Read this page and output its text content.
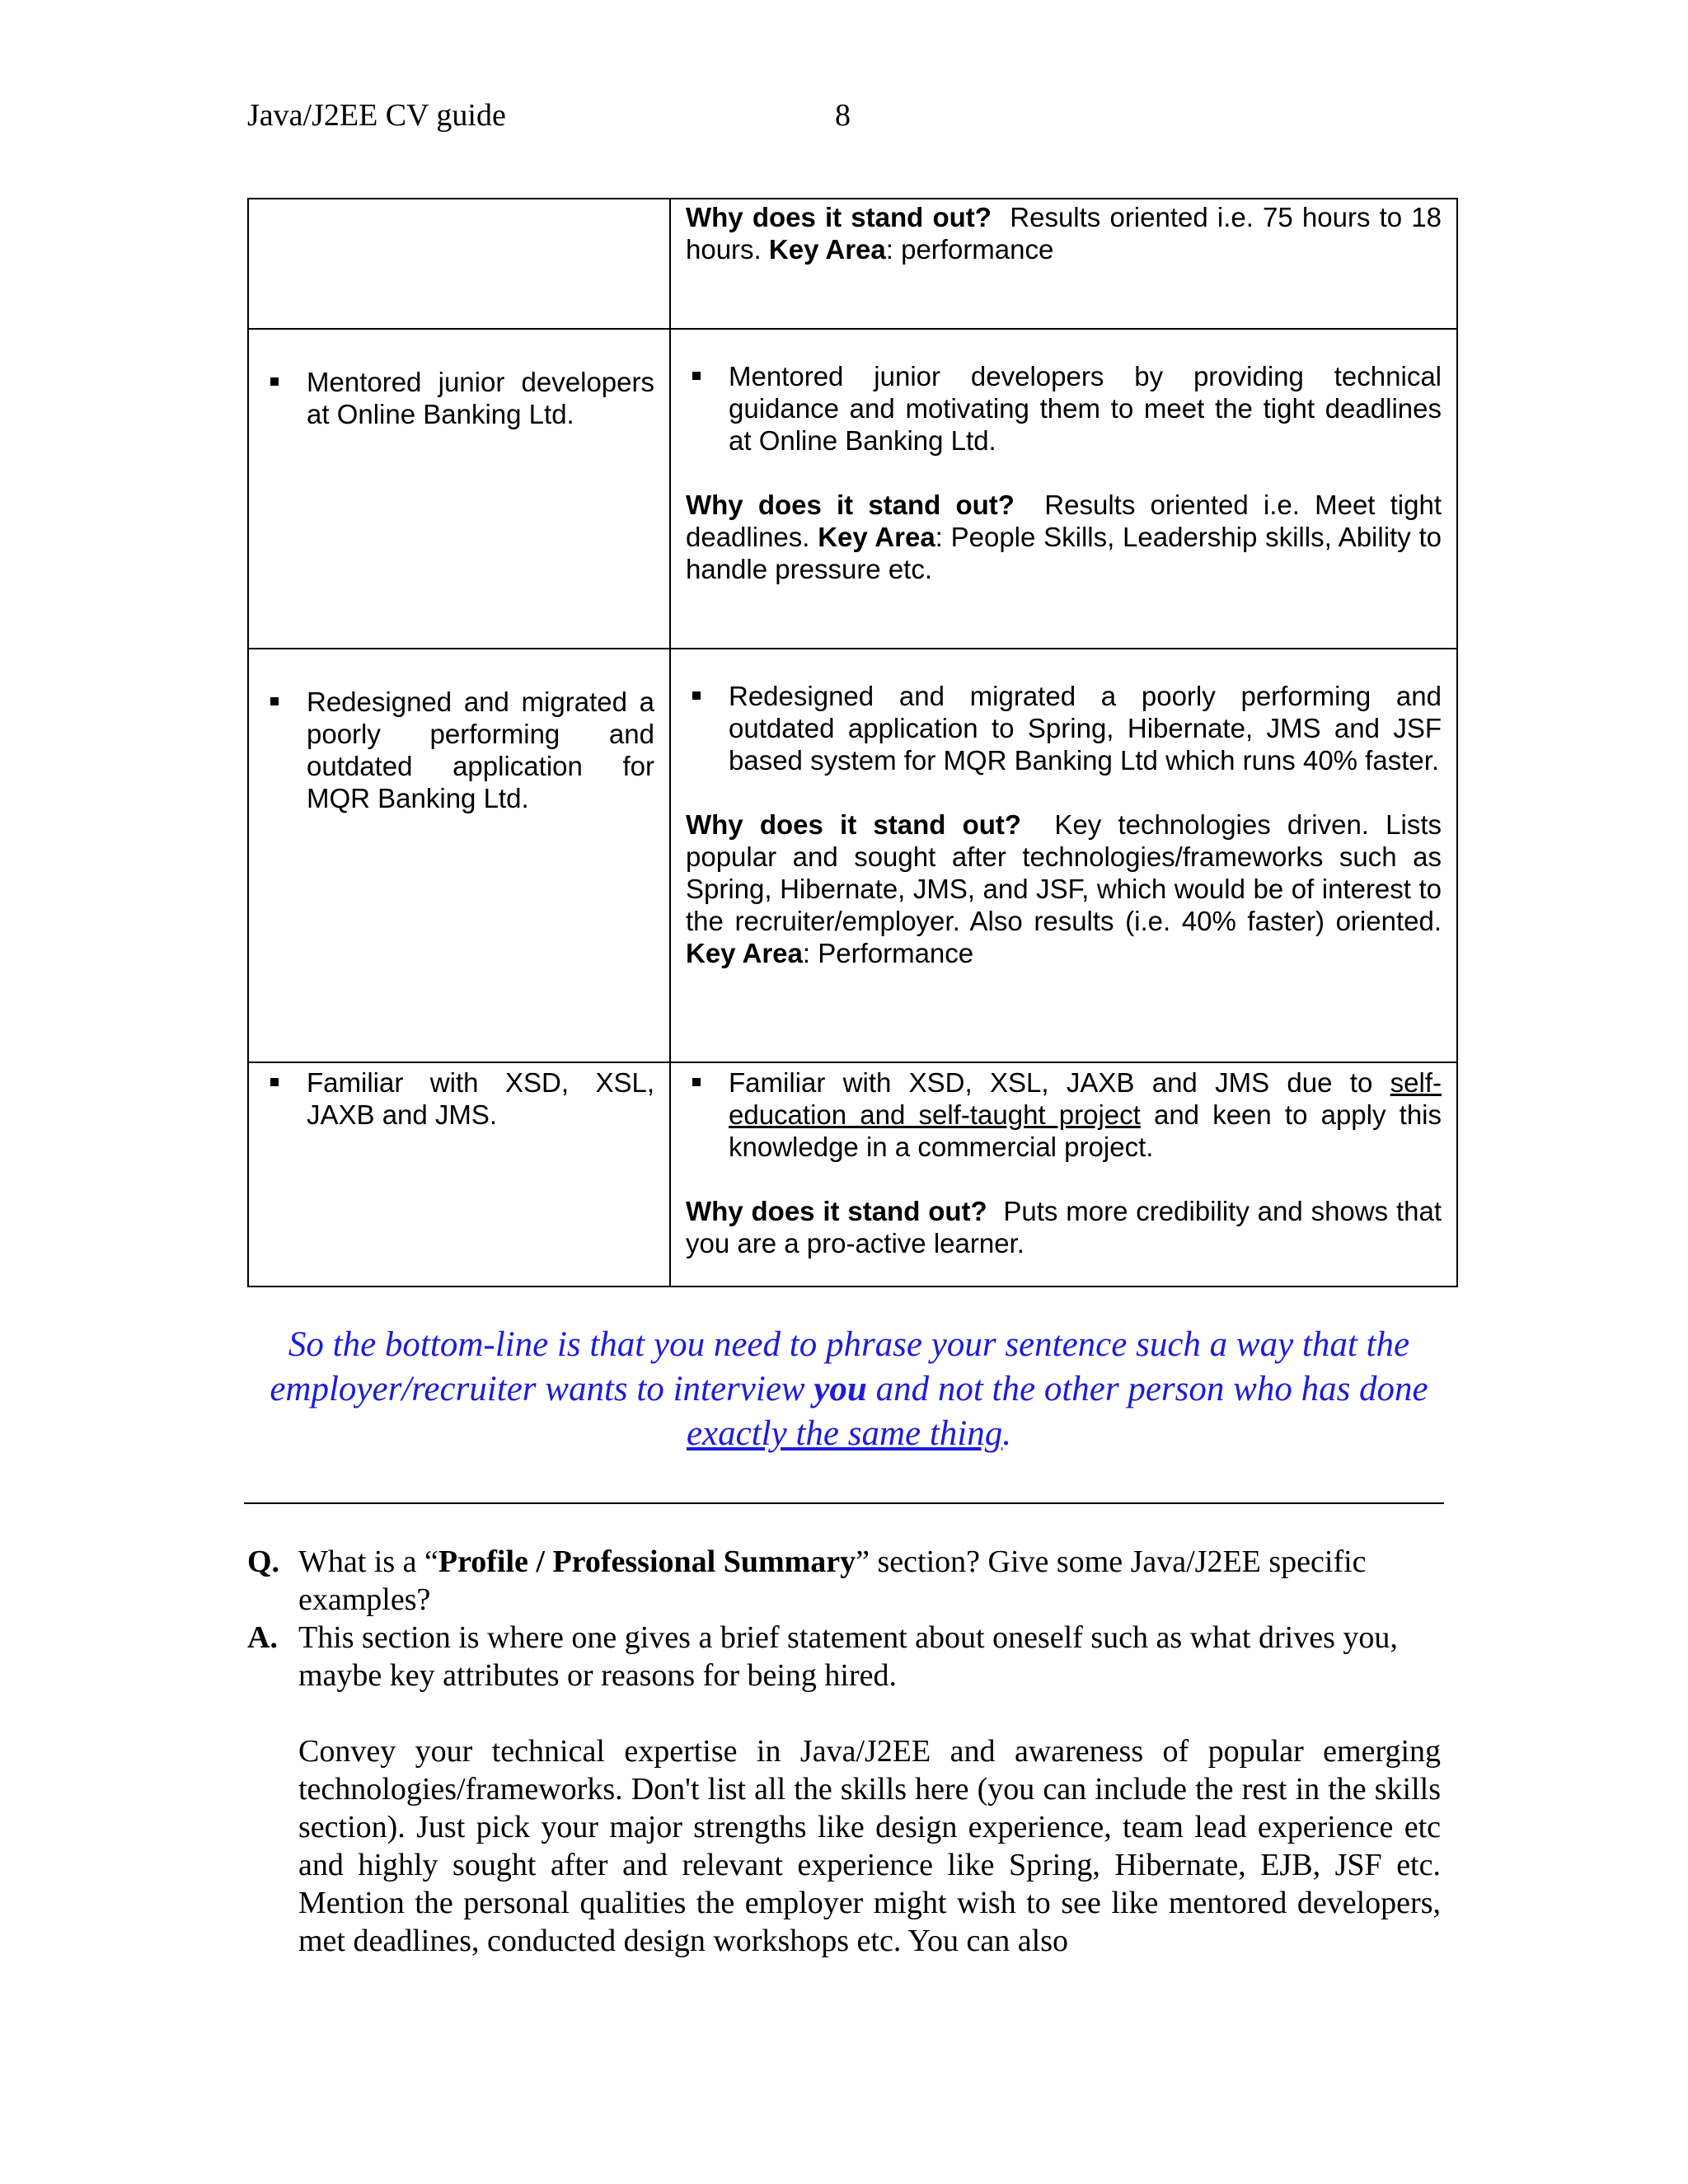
Java/J2EE CV guide	8

	Why does it stand out? Results oriented i.e. 75 hours to 18 hours. Key Area: performance

Mentored junior developers at Online Banking Ltd.	Mentored junior developers by providing technical guidance and motivating them to meet the tight deadlines at Online Banking Ltd.
Why does it stand out? Results oriented i.e. Meet tight deadlines. Key Area: People Skills, Leadership skills, Ability to handle pressure etc.

Redesigned and migrated a poorly performing and outdated application for MQR Banking Ltd.	Redesigned and migrated a poorly performing and outdated application to Spring, Hibernate, JMS and JSF based system for MQR Banking Ltd which runs 40% faster.
Why does it stand out? Key technologies driven. Lists popular and sought after technologies/frameworks such as Spring, Hibernate, JMS, and JSF, which would be of interest to the recruiter/employer. Also results (i.e. 40% faster) oriented. Key Area: Performance

Familiar with XSD, XSL, JAXB and JMS.	Familiar with XSD, XSL, JAXB and JMS due to self-education and self-taught project and keen to apply this knowledge in a commercial project.
Why does it stand out? Puts more credibility and shows that you are a pro-active learner.
So the bottom-line is that you need to phrase your sentence such a way that the employer/recruiter wants to interview you and not the other person who has done exactly the same thing.
Q. What is a “Profile / Professional Summary” section? Give some Java/J2EE specific examples?
A. This section is where one gives a brief statement about oneself such as what drives you, maybe key attributes or reasons for being hired.
Convey your technical expertise in Java/J2EE and awareness of popular emerging technologies/frameworks. Don't list all the skills here (you can include the rest in the skills section). Just pick your major strengths like design experience, team lead experience etc and highly sought after and relevant experience like Spring, Hibernate, EJB, JSF etc. Mention the personal qualities the employer might wish to see like mentored developers, met deadlines, conducted design workshops etc. You can also
